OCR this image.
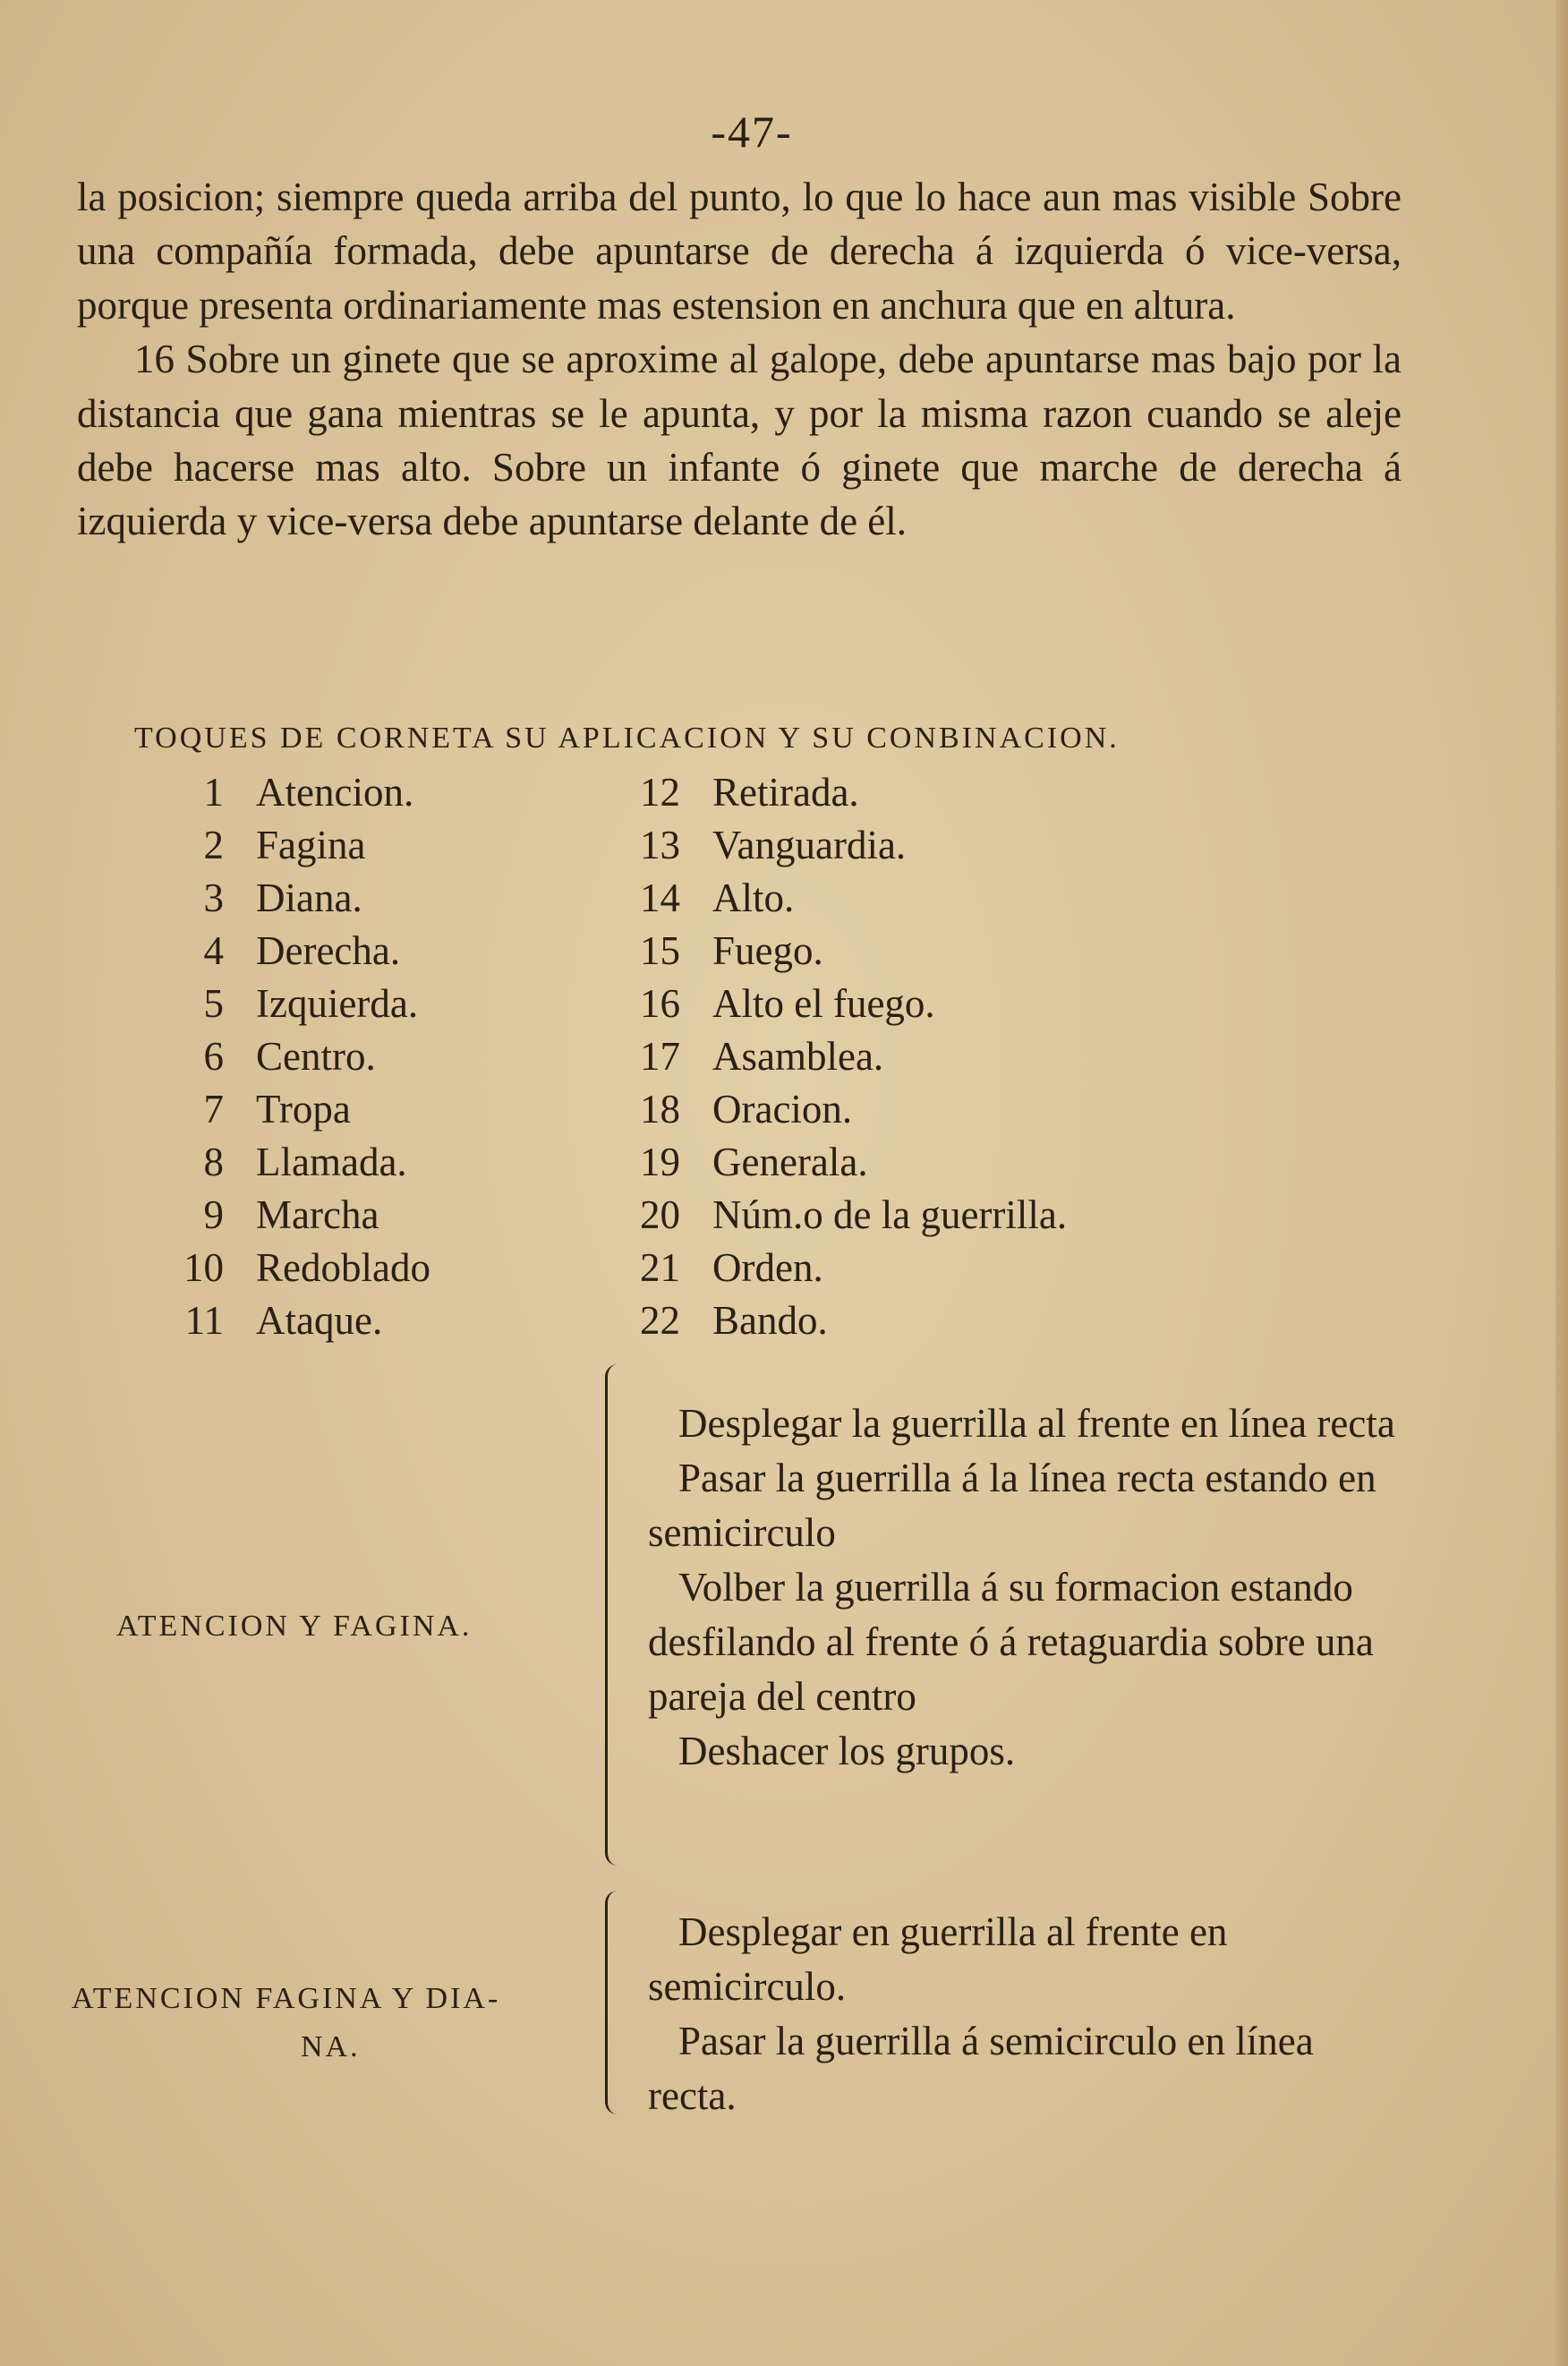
-47-

la posicion; siempre queda arriba del punto, lo que lo hace aun mas visible Sobre una compañía formada, debe apuntarse de derecha á izquierda ó vice-versa, porque presenta ordinariamente mas estension en anchura que en altura.

16 Sobre un ginete que se aproxime al galope, debe apuntarse mas bajo por la distancia que gana mientras se le apunta, y por la misma razon cuando se aleje debe hacerse mas alto. Sobre un infante ó ginete que marche de derecha á izquierda y vice-versa debe apuntarse delante de él.

TOQUES DE CORNETA SU APLICACION Y SU CONBINACION.
1 Atencion.
2 Fagina
3 Diana.
4 Derecha.
5 Izquierda.
6 Centro.
7 Tropa
8 Llamada.
9 Marcha
10 Redoblado
11 Ataque.
12 Retirada.
13 Vanguardia.
14 Alto.
15 Fuego.
16 Alto el fuego.
17 Asamblea.
18 Oracion.
19 Generala.
20 Núm.o de la guerrilla.
21 Orden.
22 Bando.
ATENCION Y FAGINA.

Desplegar la guerrilla al frente en línea recta

Pasar la guerrilla á la línea recta estando en semicirculo

Volber la guerrilla á su formacion estando desfilando al frente ó á retaguardia sobre una pareja del centro

Deshacer los grupos.

ATENCION FAGINA Y DIA-
NA.

Desplegar en guerrilla al frente en semicirculo.

Pasar la guerrilla á semicirculo en línea recta.
